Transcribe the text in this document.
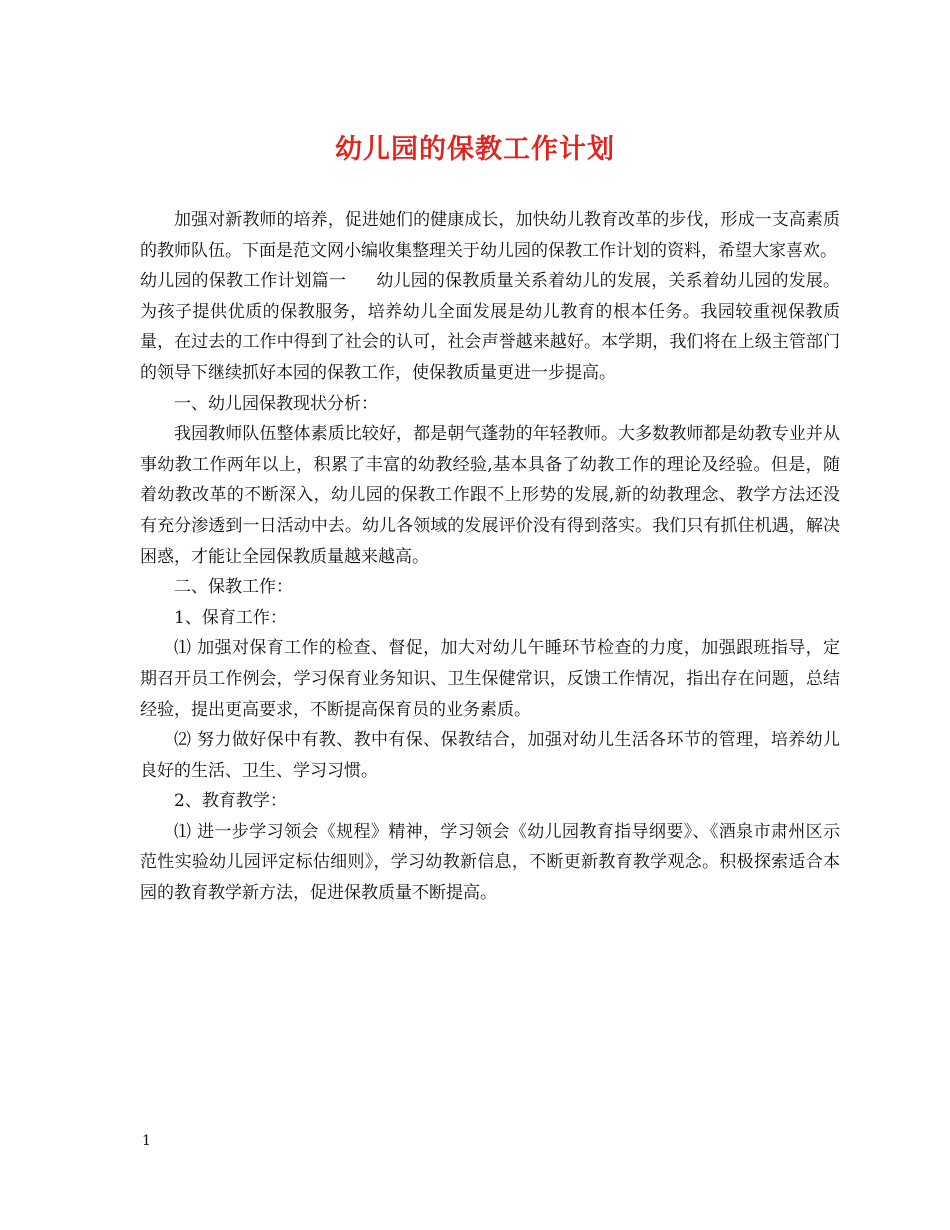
幼儿园的保教工作计划

加强对新教师的培养，促进她们的健康成长，加快幼儿教育改革的步伐，形成一支高素质的教师队伍。下面是范文网小编收集整理关于幼儿园的保教工作计划的资料，希望大家喜欢。

幼儿园的保教工作计划篇一 幼儿园的保教质量关系着幼儿的发展，关系着幼儿园的发展。为孩子提供优质的保教服务，培养幼儿全面发展是幼儿教育的根本任务。我园较重视保教质量，在过去的工作中得到了社会的认可，社会声誉越来越好。本学期，我们将在上级主管部门的领导下继续抓好本园的保教工作，使保教质量更进一步提高。

一、幼儿园保教现状分析：

我园教师队伍整体素质比较好，都是朝气蓬勃的年轻教师。大多数教师都是幼教专业并从事幼教工作两年以上，积累了丰富的幼教经验,基本具备了幼教工作的理论及经验。但是，随着幼教改革的不断深入，幼儿园的保教工作跟不上形势的发展,新的幼教理念、教学方法还没有充分渗透到一日活动中去。幼儿各领域的发展评价没有得到落实。我们只有抓住机遇，解决困惑，才能让全园保教质量越来越高。

二、保教工作：

1、保育工作：

⑴ 加强对保育工作的检查、督促，加大对幼儿午睡环节检查的力度，加强跟班指导，定期召开员工作例会，学习保育业务知识、卫生保健常识，反馈工作情况，指出存在问题，总结经验，提出更高要求，不断提高保育员的业务素质。

⑵ 努力做好保中有教、教中有保、保教结合，加强对幼儿生活各环节的管理，培养幼儿良好的生活、卫生、学习习惯。

2、教育教学：

⑴ 进一步学习领会《规程》精神，学习领会《幼儿园教育指导纲要》、《酒泉市肃州区示范性实验幼儿园评定标估细则》，学习幼教新信息，不断更新教育教学观念。积极探索适合本园的教育教学新方法，促进保教质量不断提高。

1
